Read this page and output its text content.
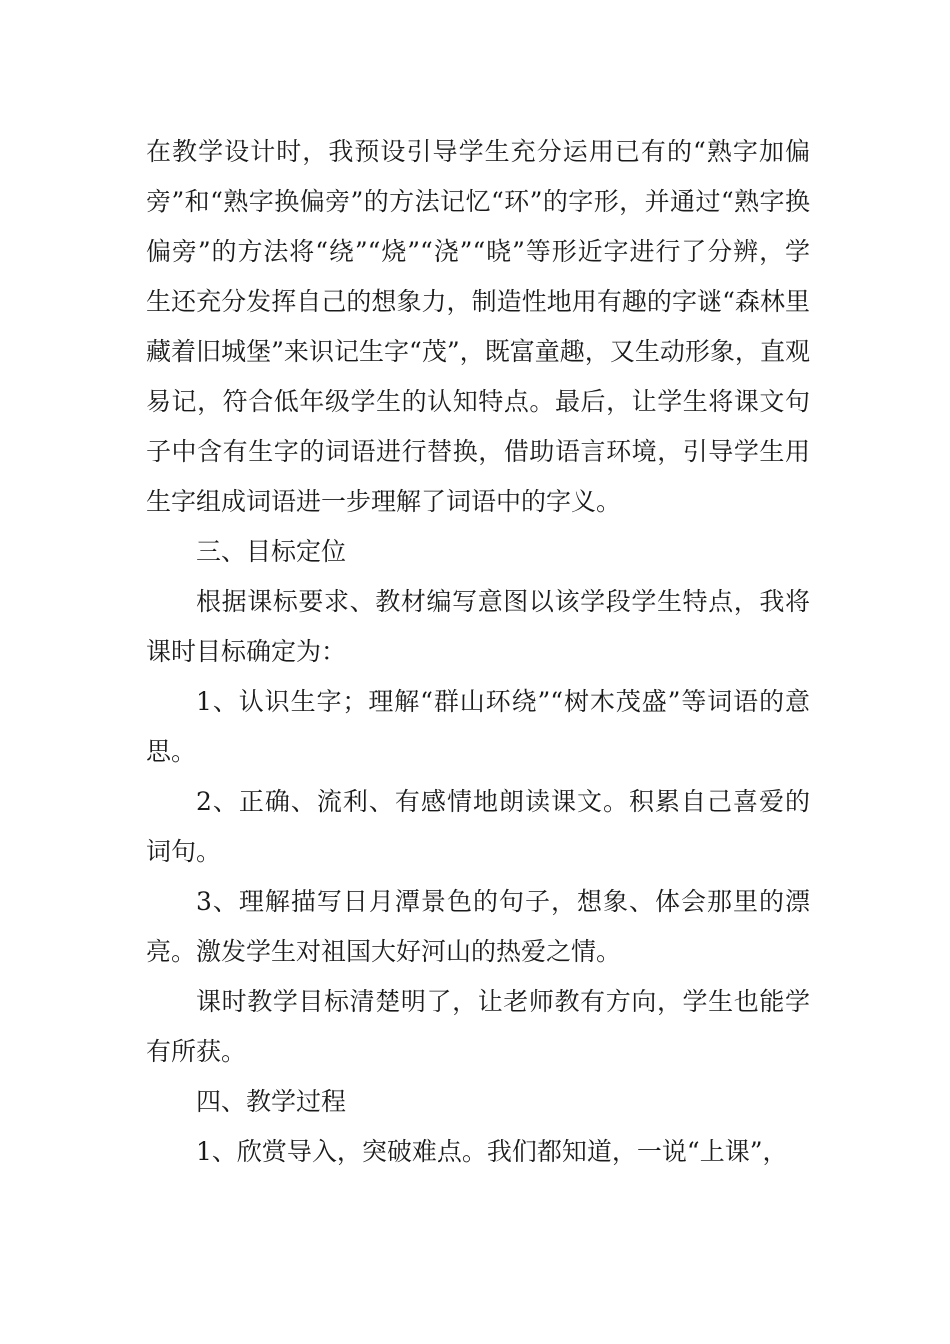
在教学设计时，我预设引导学生充分运用已有的“熟字加偏旁”和“熟字换偏旁”的方法记忆“环”的字形，并通过“熟字换偏旁”的方法将“绕”“烧”“浇”“晓”等形近字进行了分辨，学生还充分发挥自己的想象力，制造性地用有趣的字谜“森林里藏着旧城堡”来识记生字“茂”，既富童趣，又生动形象，直观易记，符合低年级学生的认知特点。最后，让学生将课文句子中含有生字的词语进行替换，借助语言环境，引导学生用生字组成词语进一步理解了词语中的字义。

三、目标定位

根据课标要求、教材编写意图以该学段学生特点，我将课时目标确定为：

1、认识生字；理解“群山环绕”“树木茂盛”等词语的意思。

2、正确、流利、有感情地朗读课文。积累自己喜爱的词句。

3、理解描写日月潭景色的句子，想象、体会那里的漂亮。激发学生对祖国大好河山的热爱之情。

课时教学目标清楚明了，让老师教有方向，学生也能学有所获。

四、教学过程

1、欣赏导入，突破难点。我们都知道，一说“上课”，
